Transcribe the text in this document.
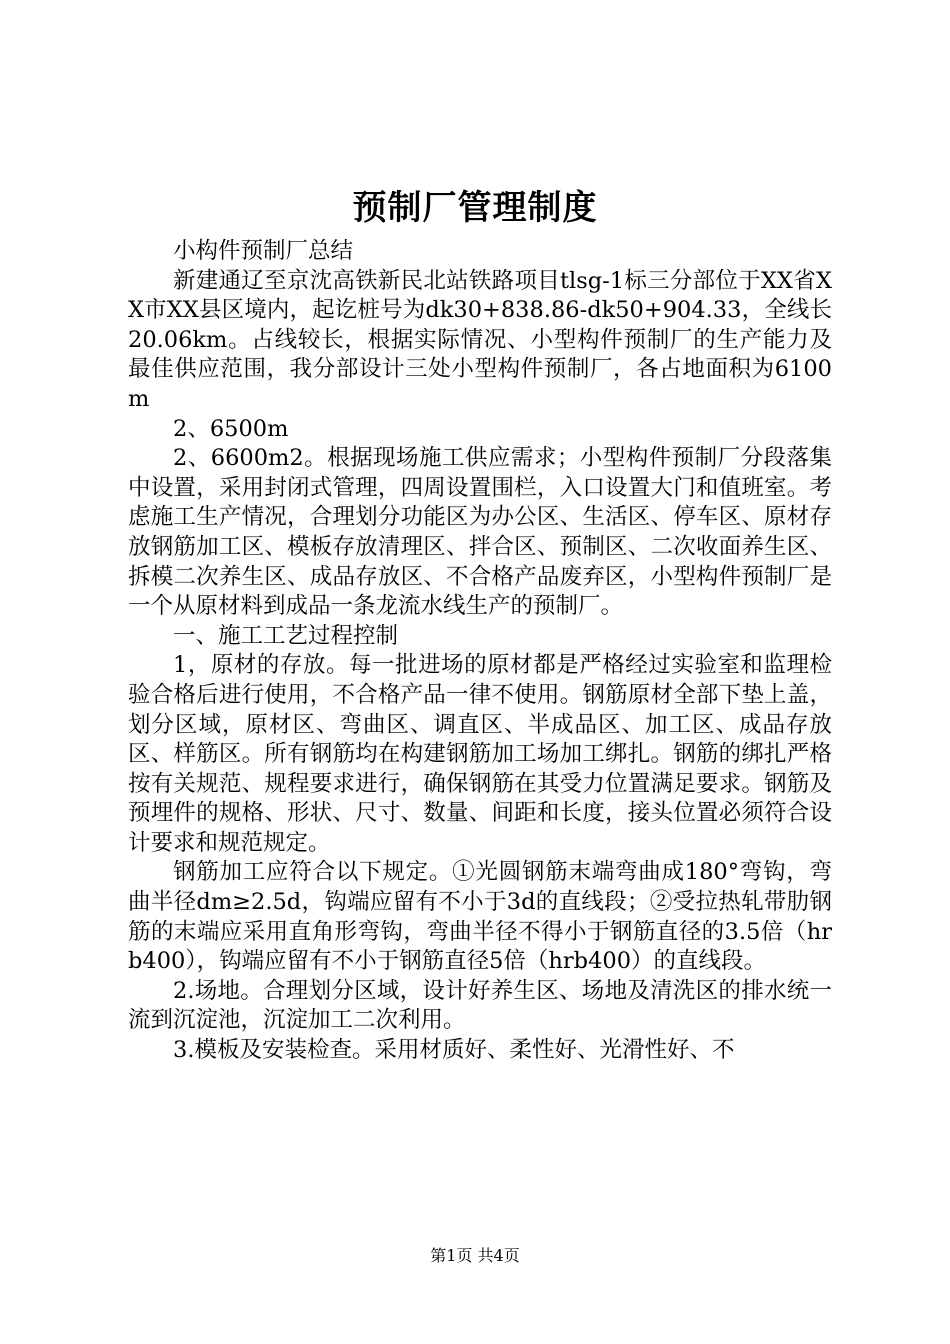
预制厂管理制度

小构件预制厂总结

新建通辽至京沈高铁新民北站铁路项目tlsg-1标三分部位于XX省XX市XX县区境内，起讫桩号为dk30+838.86-dk50+904.33，全线长20.06km。占线较长，根据实际情况、小型构件预制厂的生产能力及最佳供应范围，我分部设计三处小型构件预制厂，各占地面积为6100m

2、6500m

2、6600m2。根据现场施工供应需求；小型构件预制厂分段落集中设置，采用封闭式管理，四周设置围栏，入口设置大门和值班室。考虑施工生产情况，合理划分功能区为办公区、生活区、停车区、原材存放钢筋加工区、模板存放清理区、拌合区、预制区、二次收面养生区、拆模二次养生区、成品存放区、不合格产品废弃区，小型构件预制厂是一个从原材料到成品一条龙流水线生产的预制厂。

一、施工工艺过程控制

1，原材的存放。每一批进场的原材都是严格经过实验室和监理检验合格后进行使用，不合格产品一律不使用。钢筋原材全部下垫上盖，划分区域，原材区、弯曲区、调直区、半成品区、加工区、成品存放区、样筋区。所有钢筋均在构建钢筋加工场加工绑扎。钢筋的绑扎严格按有关规范、规程要求进行，确保钢筋在其受力位置满足要求。钢筋及预埋件的规格、形状、尺寸、数量、间距和长度，接头位置必须符合设计要求和规范规定。

钢筋加工应符合以下规定。①光圆钢筋末端弯曲成180°弯钩，弯曲半径dm≥2.5d，钩端应留有不小于3d的直线段；②受拉热轧带肋钢筋的末端应采用直角形弯钩，弯曲半径不得小于钢筋直径的3.5倍（hrb400），钩端应留有不小于钢筋直径5倍（hrb400）的直线段。

2.场地。合理划分区域，设计好养生区、场地及清洗区的排水统一流到沉淀池，沉淀加工二次利用。

3.模板及安装检查。采用材质好、柔性好、光滑性好、不

第1页 共4页
